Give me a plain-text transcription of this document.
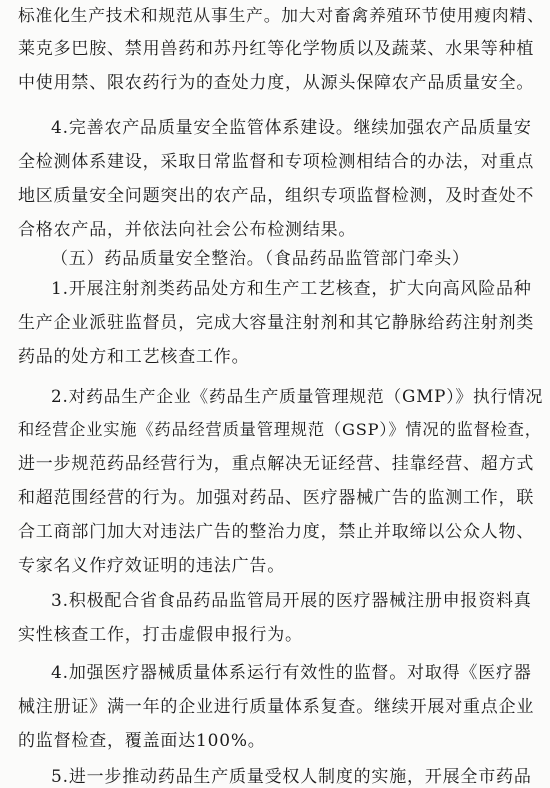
标准化生产技术和规范从事生产。加大对畜禽养殖环节使用瘦肉精、
莱克多巴胺、禁用兽药和苏丹红等化学物质以及蔬菜、水果等种植
中使用禁、限农药行为的查处力度，从源头保障农产品质量安全。
4.完善农产品质量安全监管体系建设。继续加强农产品质量安
全检测体系建设，采取日常监督和专项检测相结合的办法，对重点
地区质量安全问题突出的农产品，组织专项监督检测，及时查处不
合格农产品，并依法向社会公布检测结果。
（五）药品质量安全整治。（食品药品监管部门牵头）
1.开展注射剂类药品处方和生产工艺核查，扩大向高风险品种
生产企业派驻监督员，完成大容量注射剂和其它静脉给药注射剂类
药品的处方和工艺核查工作。
2.对药品生产企业《药品生产质量管理规范（GMP）》执行情况
和经营企业实施《药品经营质量管理规范（GSP）》情况的监督检查，
进一步规范药品经营行为，重点解决无证经营、挂靠经营、超方式
和超范围经营的行为。加强对药品、医疗器械广告的监测工作，联
合工商部门加大对违法广告的整治力度，禁止并取缔以公众人物、
专家名义作疗效证明的违法广告。
3.积极配合省食品药品监管局开展的医疗器械注册申报资料真
实性核查工作，打击虚假申报行为。
4.加强医疗器械质量体系运行有效性的监督。对取得《医疗器
械注册证》满一年的企业进行质量体系复查。继续开展对重点企业
的监督检查，覆盖面达100%。
5.进一步推动药品生产质量受权人制度的实施，开展全市药品
